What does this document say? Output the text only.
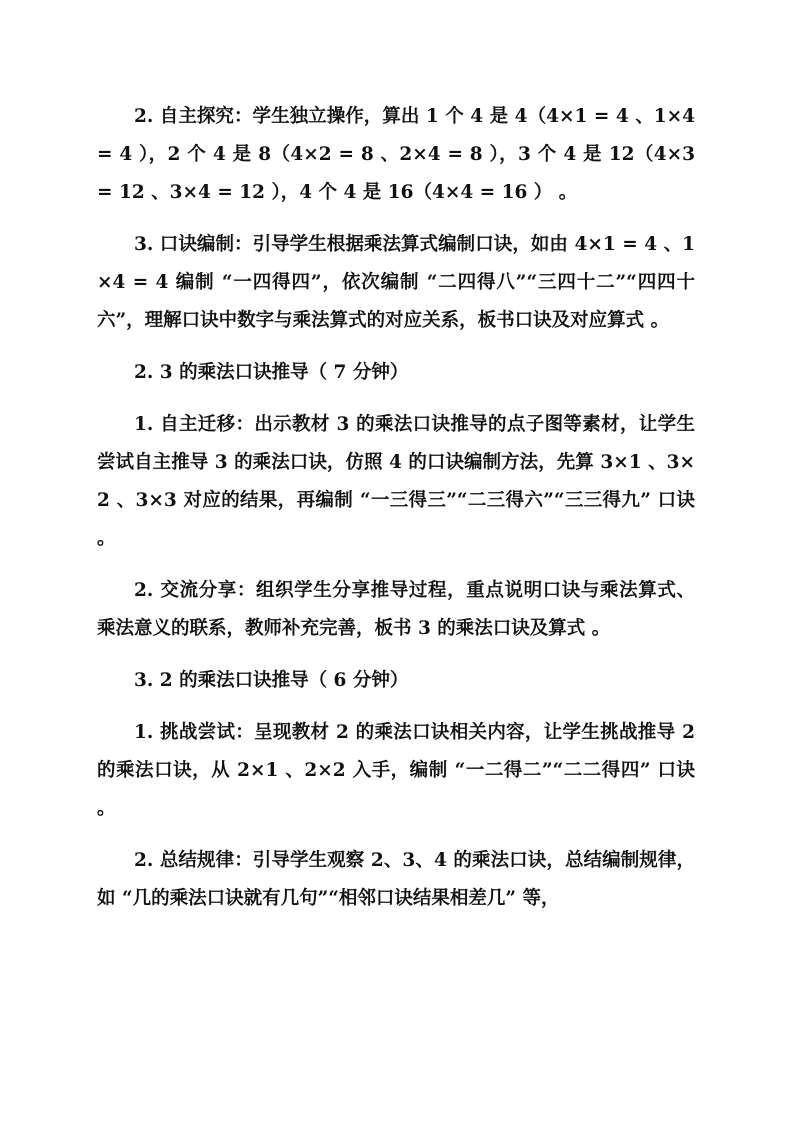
2. 自主探究：学生独立操作，算出 1 个 4 是 4（4×1 = 4 、1×4 = 4 ），2 个 4 是 8（4×2 = 8 、2×4 = 8 ），3 个 4 是 12（4×3 = 12 、3×4 = 12 ），4 个 4 是 16（4×4 = 16 ） 。

3. 口诀编制：引导学生根据乘法算式编制口诀，如由 4×1 = 4 、1×4 = 4 编制 “一四得四”，依次编制 “二四得八”“三四十二”“四四十六”，理解口诀中数字与乘法算式的对应关系，板书口诀及对应算式 。

2. 3 的乘法口诀推导（ 7 分钟）

1. 自主迁移：出示教材 3 的乘法口诀推导的点子图等素材，让学生尝试自主推导 3 的乘法口诀，仿照 4 的口诀编制方法，先算 3×1 、3×2 、3×3 对应的结果，再编制 “一三得三”“二三得六”“三三得九” 口诀 。

2. 交流分享：组织学生分享推导过程，重点说明口诀与乘法算式、乘法意义的联系，教师补充完善，板书 3 的乘法口诀及算式 。

3. 2 的乘法口诀推导（ 6 分钟）

1. 挑战尝试：呈现教材 2 的乘法口诀相关内容，让学生挑战推导 2 的乘法口诀，从 2×1 、2×2 入手，编制 “一二得二”“二二得四” 口诀 。

2. 总结规律：引导学生观察 2、3、4 的乘法口诀，总结编制规律，如 “几的乘法口诀就有几句”“相邻口诀结果相差几” 等，
